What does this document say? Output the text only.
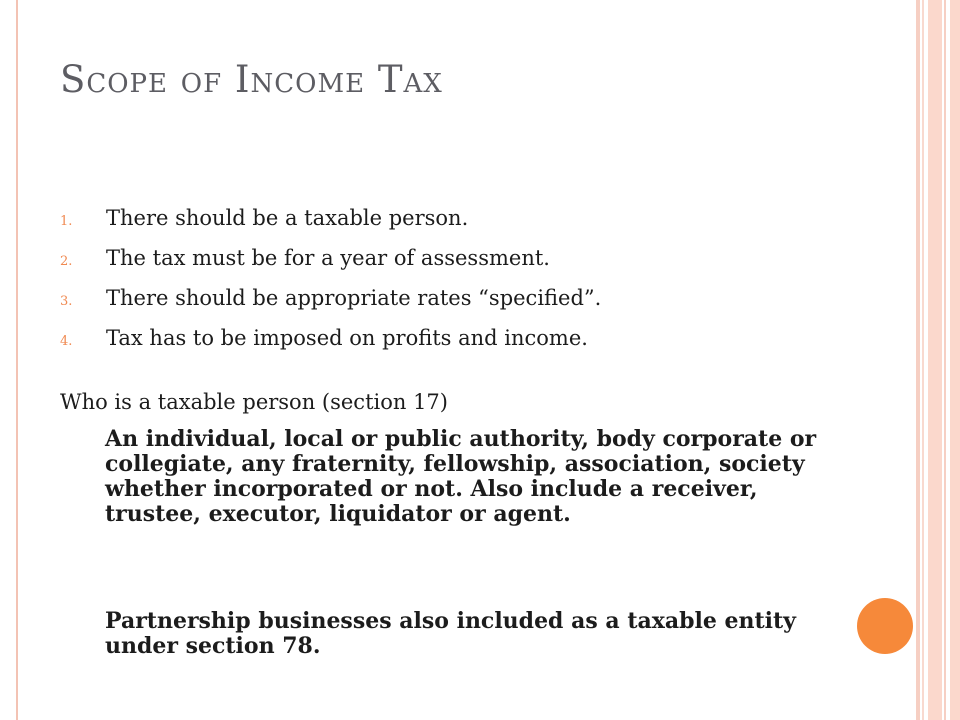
Scope of Income Tax
1.	There should be a taxable person.
2.	The tax must be for a year of assessment.
3.	There should be appropriate rates “specified”.
4.	Tax has to be imposed on profits and income.

Who is a taxable person (section 17)

An individual, local or public authority, body corporate or collegiate, any fraternity, fellowship, association, society whether incorporated or not. Also include a receiver, trustee, executor, liquidator or agent.

Partnership businesses also included as a taxable entity under section 78.
